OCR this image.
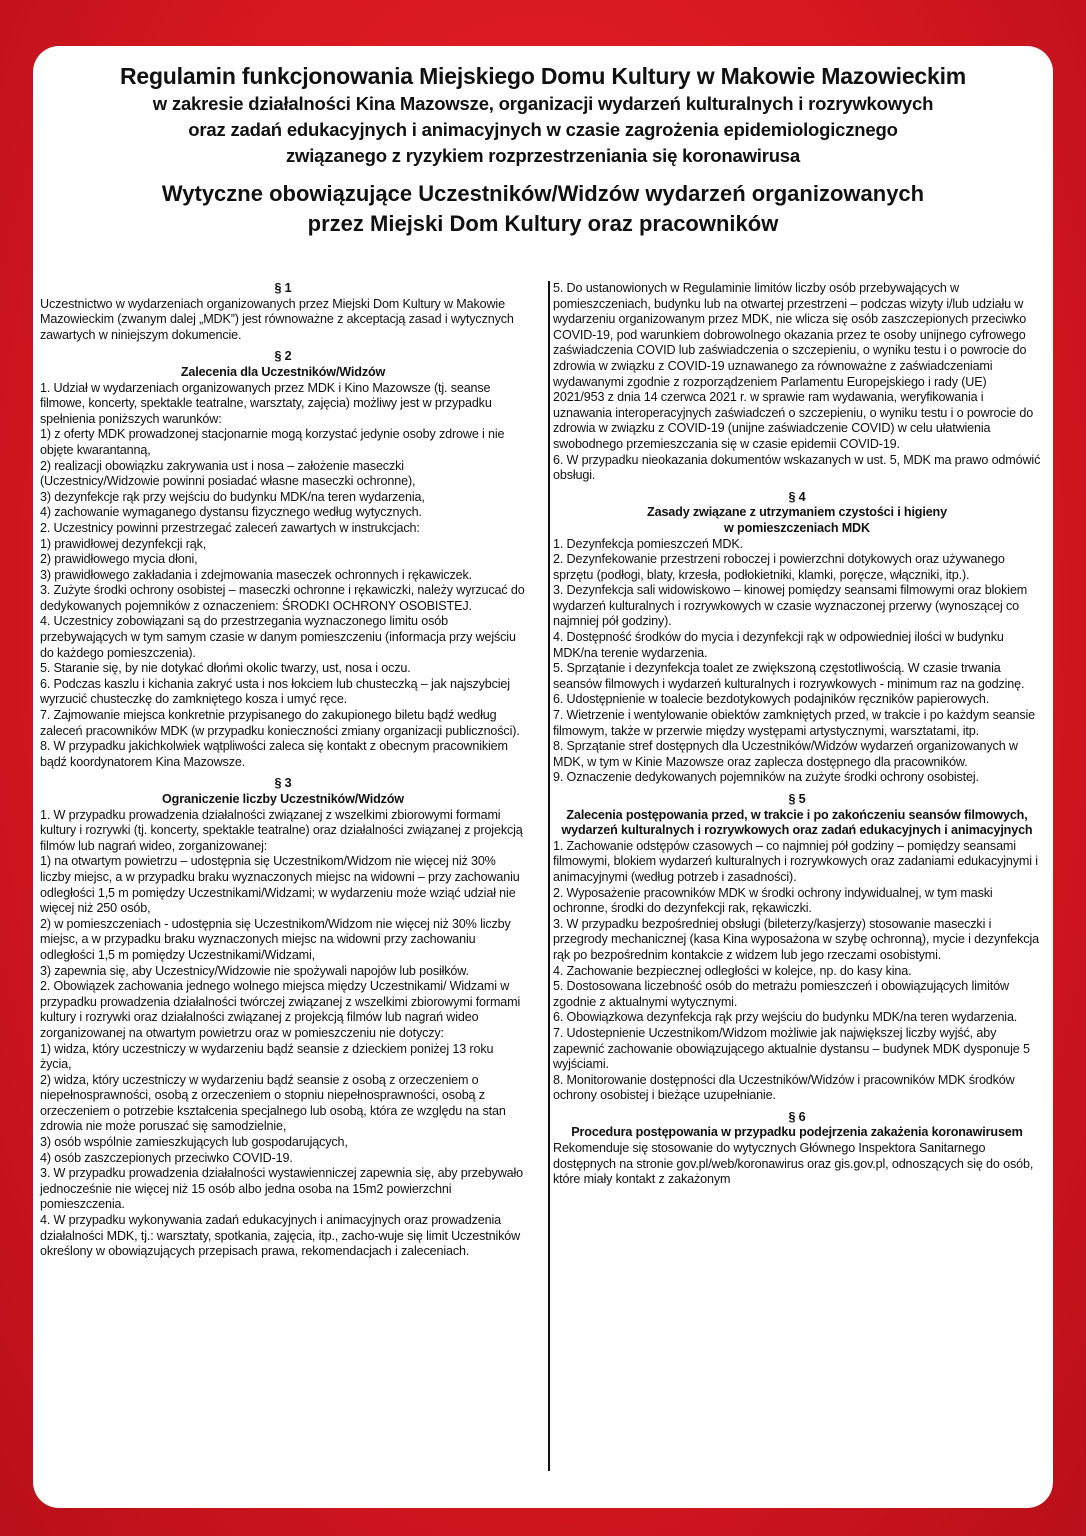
Regulamin funkcjonowania Miejskiego Domu Kultury w Makowie Mazowieckim
w zakresie działalności Kina Mazowsze, organizacji wydarzeń kulturalnych i rozrywkowych
oraz zadań edukacyjnych i animacyjnych w czasie zagrożenia epidemiologicznego
związanego z ryzykiem rozprzestrzeniania się koronawirusa
Wytyczne obowiązujące Uczestników/Widzów wydarzeń organizowanych
przez Miejski Dom Kultury oraz pracowników
§ 1
Uczestnictwo w wydarzeniach organizowanych przez Miejski Dom Kultury w Makowie Mazowieckim (zwanym dalej „MDK”) jest równoważne z akceptacją zasad i wytycznych zawartych w niniejszym dokumencie.
§ 2
Zalecenia dla Uczestników/Widzów
1. Udział w wydarzeniach organizowanych przez MDK i Kino Mazowsze (tj. seanse filmowe, koncerty, spektakle teatralne, warsztaty, zajęcia) możliwy jest w przypadku spełnienia poniższych warunków:
1) z oferty MDK prowadzonej stacjonarnie mogą korzystać jedynie osoby zdrowe i nie objęte kwarantanną,
2) realizacji obowiązku zakrywania ust i nosa – założenie maseczki (Uczestnicy/Widzowie powinni posiadać własne maseczki ochronne),
3) dezynfekcje rąk przy wejściu do budynku MDK/na teren wydarzenia,
4) zachowanie wymaganego dystansu fizycznego według wytycznych.
2. Uczestnicy powinni przestrzegać zaleceń zawartych w instrukcjach:
1) prawidłowej dezynfekcji rąk,
2) prawidłowego mycia dłoni,
3) prawidłowego zakładania i zdejmowania maseczek ochronnych i rękawiczek.
3. Zużyte środki ochrony osobistej – maseczki ochronne i rękawiczki, należy wyrzucać do dedykowanych pojemników z oznaczeniem: ŚRODKI OCHRONY OSOBISTEJ.
4. Uczestnicy zobowiązani są do przestrzegania wyznaczonego limitu osób przebywających w tym samym czasie w danym pomieszczeniu (informacja przy wejściu do każdego pomieszczenia).
5. Staranie się, by nie dotykać dłońmi okolic twarzy, ust, nosa i oczu.
6. Podczas kaszlu i kichania zakryć usta i nos łokciem lub chusteczką – jak najszybciej wyrzucić chusteczkę do zamkniętego kosza i umyć ręce.
7. Zajmowanie miejsca konkretnie przypisanego do zakupionego biletu bądź według zaleceń pracowników MDK (w przypadku konieczności zmiany organizacji publiczności).
8. W przypadku jakichkolwiek wątpliwości zaleca się kontakt z obecnym pracownikiem bądź koordynatorem Kina Mazowsze.
§ 3
Ograniczenie liczby Uczestników/Widzów
1. W przypadku prowadzenia działalności związanej z wszelkimi zbiorowymi formami kultury i rozrywki (tj. koncerty, spektakle teatralne) oraz działalności związanej z projekcją filmów lub nagrań wideo, zorganizowanej:
1) na otwartym powietrzu – udostępnia się Uczestnikom/Widzom nie więcej niż 30% liczby miejsc, a w przypadku braku wyznaczonych miejsc na widowni – przy zachowaniu odległości 1,5 m pomiędzy Uczestnikami/Widzami; w wydarzeniu może wziąć udział nie więcej niż 250 osób,
2) w pomieszczeniach - udostępnia się Uczestnikom/Widzom nie więcej niż 30% liczby miejsc, a w przypadku braku wyznaczonych miejsc na widowni przy zachowaniu odległości 1,5 m pomiędzy Uczestnikami/Widzami,
3) zapewnia się, aby Uczestnicy/Widzowie nie spożywali napojów lub posiłków.
2. Obowiązek zachowania jednego wolnego miejsca między Uczestnikami/ Widzami w przypadku prowadzenia działalności twórczej związanej z wszelkimi zbiorowymi formami kultury i rozrywki oraz działalności związanej z projekcją filmów lub nagrań wideo zorganizowanej na otwartym powietrzu oraz w pomieszczeniu nie dotyczy:
1) widza, który uczestniczy w wydarzeniu bądź seansie z dzieckiem poniżej 13 roku życia,
2) widza, który uczestniczy w wydarzeniu bądź seansie z osobą z orzeczeniem o niepełnosprawności, osobą z orzeczeniem o stopniu niepełnosprawności, osobą z orzeczeniem o potrzebie kształcenia specjalnego lub osobą, która ze względu na stan zdrowia nie może poruszać się samodzielnie,
3) osób wspólnie zamieszkujących lub gospodarujących,
4) osób zaszczepionych przeciwko COVID-19.
3. W przypadku prowadzenia działalności wystawienniczej zapewnia się, aby przebywało jednocześnie nie więcej niż 15 osób albo jedna osoba na 15m2 powierzchni pomieszczenia.
4. W przypadku wykonywania zadań edukacyjnych i animacyjnych oraz prowadzenia działalności MDK, tj.: warsztaty, spotkania, zajęcia, itp., zacho-wuje się limit Uczestników określony w obowiązujących przepisach prawa, rekomendacjach i zaleceniach.
5. Do ustanowionych w Regulaminie limitów liczby osób przebywających w pomieszczeniach, budynku lub na otwartej przestrzeni – podczas wizyty i/lub udziału w wydarzeniu organizowanym przez MDK, nie wlicza się osób zaszczepionych przeciwko COVID-19, pod warunkiem dobrowolnego okazania przez te osoby unijnego cyfrowego zaświadczenia COVID lub zaświadczenia o szczepieniu, o wyniku testu i o powrocie do zdrowia w związku z COVID-19 uznawanego za równoważne z zaświadczeniami wydawanymi zgodnie z rozporządzeniem Parlamentu Europejskiego i rady (UE) 2021/953 z dnia 14 czerwca 2021 r. w sprawie ram wydawania, weryfikowania i uznawania interoperacyjnych zaświadczeń o szczepieniu, o wyniku testu i o powrocie do zdrowia w związku z COVID-19 (unijne zaświadczenie COVID) w celu ułatwienia swobodnego przemieszczania się w czasie epidemii COVID-19.
6. W przypadku nieokazania dokumentów wskazanych w ust. 5, MDK ma prawo odmówić obsługi.
§ 4
Zasady związane z utrzymaniem czystości i higieny
w pomieszczeniach MDK
1. Dezynfekcja pomieszczeń MDK.
2. Dezynfekowanie przestrzeni roboczej i powierzchni dotykowych oraz używanego sprzętu (podłogi, blaty, krzesła, podłokietniki, klamki, poręcze, włączniki, itp.).
3. Dezynfekcja sali widowiskowo – kinowej pomiędzy seansami filmowymi oraz blokiem wydarzeń kulturalnych i rozrywkowych w czasie wyznaczonej przerwy (wynoszącej co najmniej pół godziny).
4. Dostępność środków do mycia i dezynfekcji rąk w odpowiedniej ilości w budynku MDK/na terenie wydarzenia.
5. Sprzątanie i dezynfekcja toalet ze zwiększoną częstotliwością. W czasie trwania seansów filmowych i wydarzeń kulturalnych i rozrywkowych - minimum raz na godzinę.
6. Udostępnienie w toalecie bezdotykowych podajników ręczników papierowych.
7. Wietrzenie i wentylowanie obiektów zamkniętych przed, w trakcie i po każdym seansie filmowym, także w przerwie między występami artystycznymi, warsztatami, itp.
8. Sprzątanie stref dostępnych dla Uczestników/Widzów wydarzeń organizowanych w MDK, w tym w Kinie Mazowsze oraz zaplecza dostępnego dla pracowników.
9. Oznaczenie dedykowanych pojemników na zużyte środki ochrony osobistej.
§ 5
Zalecenia postępowania przed, w trakcie i po zakończeniu seansów filmowych, wydarzeń kulturalnych i rozrywkowych oraz zadań edukacyjnych i animacyjnych
1. Zachowanie odstępów czasowych – co najmniej pół godziny – pomiędzy seansami filmowymi, blokiem wydarzeń kulturalnych i rozrywkowych oraz zadaniami edukacyjnymi i animacyjnymi (według potrzeb i zasadności).
2. Wyposażenie pracowników MDK w środki ochrony indywidualnej, w tym maski ochronne, środki do dezynfekcji rak, rękawiczki.
3. W przypadku bezpośredniej obsługi (bileterzy/kasjerzy) stosowanie maseczki i przegrody mechanicznej (kasa Kina wyposażona w szybę ochronną), mycie i dezynfekcja rąk po bezpośrednim kontakcie z widzem lub jego rzeczami osobistymi.
4. Zachowanie bezpiecznej odległości w kolejce, np. do kasy kina.
5. Dostosowana liczebność osób do metrażu pomieszczeń i obowiązujących limitów zgodnie z aktualnymi wytycznymi.
6. Obowiązkowa dezynfekcja rąk przy wejściu do budynku MDK/na teren wydarzenia.
7. Udostepnienie Uczestnikom/Widzom możliwie jak największej liczby wyjść, aby zapewnić zachowanie obowiązującego aktualnie dystansu – budynek MDK dysponuje 5 wyjściami.
8. Monitorowanie dostępności dla Uczestników/Widzów i pracowników MDK środków ochrony osobistej i bieżące uzupełnianie.
§ 6
Procedura postępowania w przypadku podejrzenia zakażenia koronawirusem
Rekomenduje się stosowanie do wytycznych Głównego Inspektora Sanitarnego dostępnych na stronie gov.pl/web/koronawirus oraz gis.gov.pl, odnoszących się do osób, które miały kontakt z zakażonym
